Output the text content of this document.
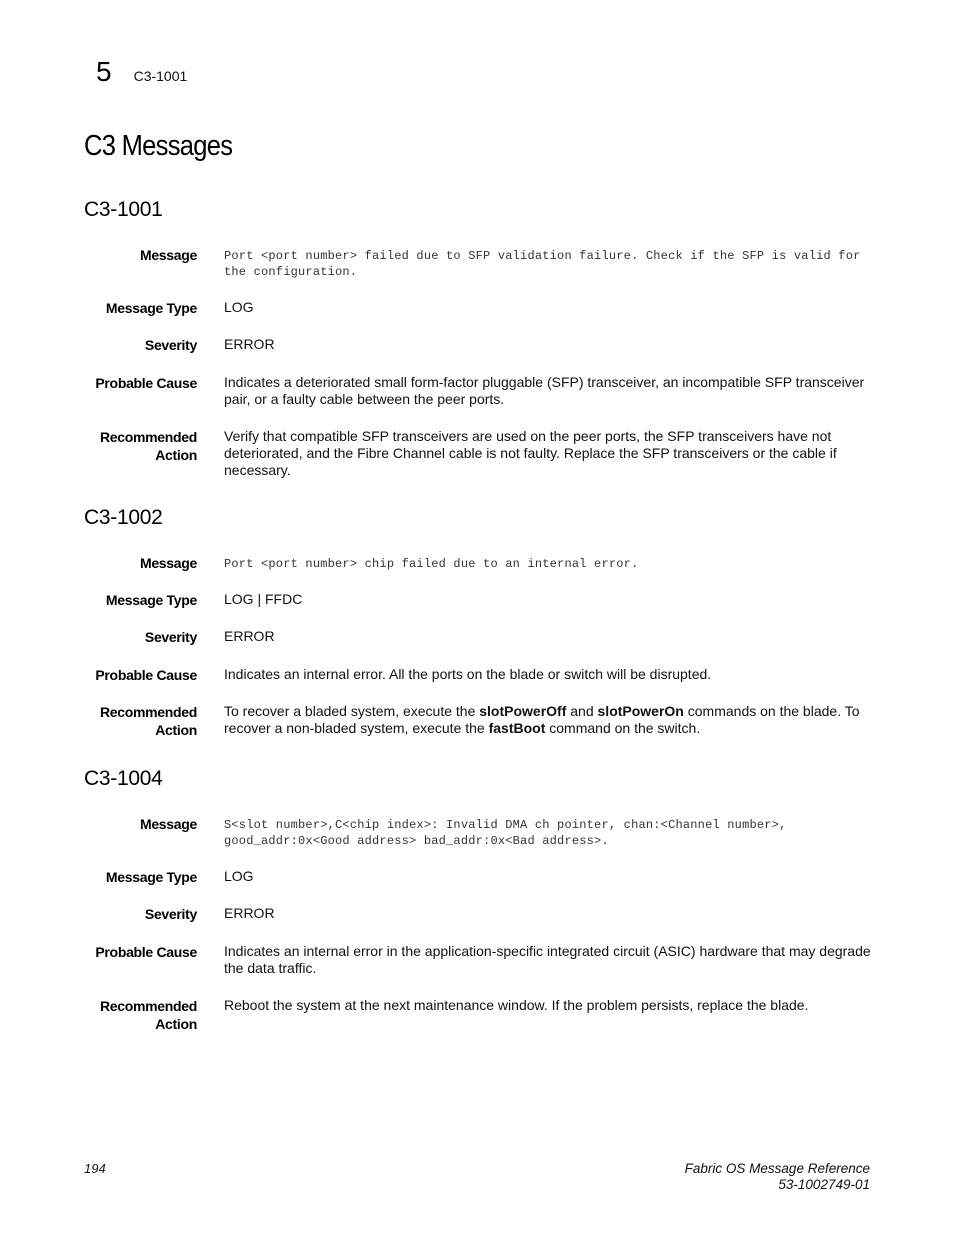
5 C3-1001
C3 Messages
C3-1001
Message Port <port number> failed due to SFP validation failure. Check if the SFP is valid for the configuration.
Message Type LOG
Severity ERROR
Probable Cause Indicates a deteriorated small form-factor pluggable (SFP) transceiver, an incompatible SFP transceiver pair, or a faulty cable between the peer ports.
Recommended
Action
Verify that compatible SFP transceivers are used on the peer ports, the SFP transceivers have not deteriorated, and the Fibre Channel cable is not faulty. Replace the SFP transceivers or the cable if necessary.
C3-1002
Message Port <port number> chip failed due to an internal error.
Message Type LOG | FFDC
Severity ERROR
Probable Cause Indicates an internal error. All the ports on the blade or switch will be disrupted.
Recommended
Action
To recover a bladed system, execute the slotPowerOff and slotPowerOn commands on the blade. To recover a non-bladed system, execute the fastBoot command on the switch.
C3-1004
Message S<slot number>,C<chip index>: Invalid DMA ch pointer, chan:<Channel number>, good_addr:0x<Good address> bad_addr:0x<Bad address>.
Message Type LOG
Severity ERROR
Probable Cause Indicates an internal error in the application-specific integrated circuit (ASIC) hardware that may degrade the data traffic.
Recommended
Action
Reboot the system at the next maintenance window. If the problem persists, replace the blade.
194	Fabric OS Message Reference
53-1002749-01
